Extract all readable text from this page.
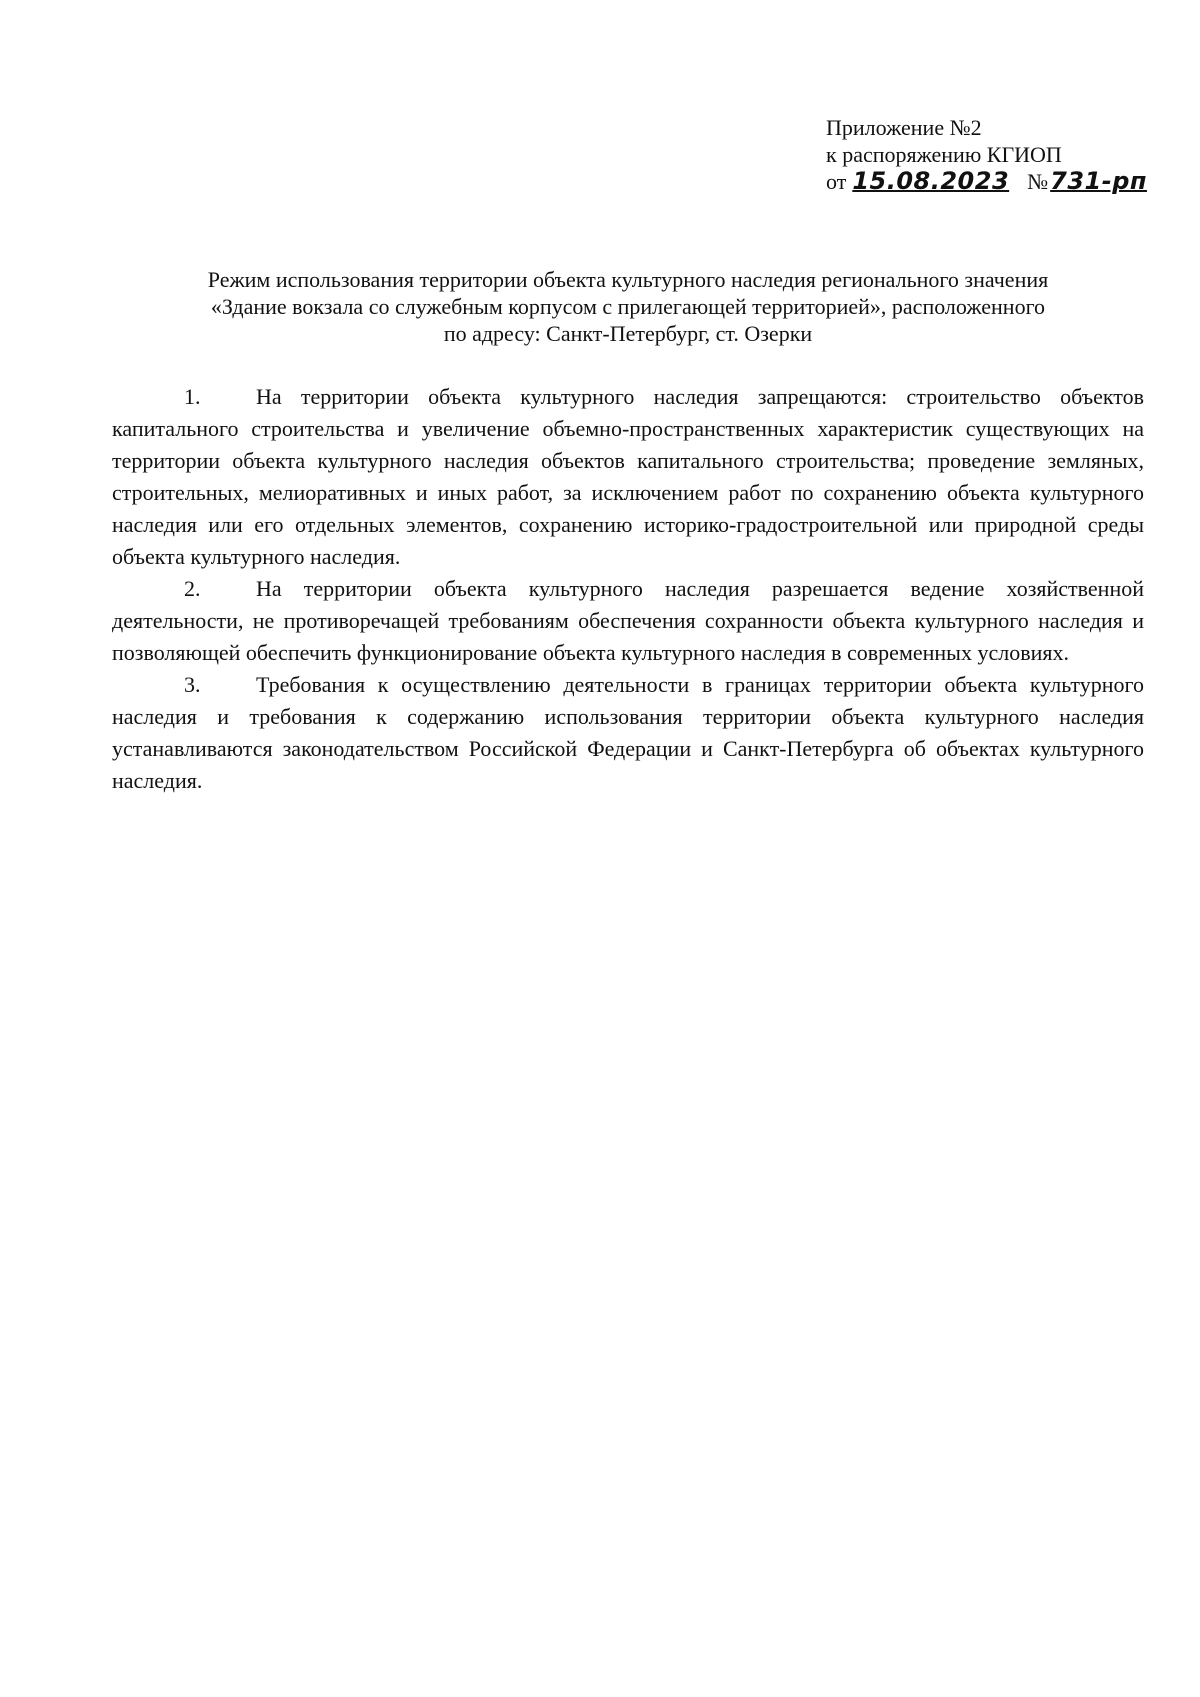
Приложение №2
к распоряжению КГИОП
от 15.08.2023 №731-рп
Режим использования территории объекта культурного наследия регионального значения
«Здание вокзала со служебным корпусом с прилегающей территорией», расположенного
по адресу: Санкт-Петербург, ст. Озерки

1.	На территории объекта культурного наследия запрещаются: строительство объектов капитального строительства и увеличение объемно-пространственных характеристик существующих на территории объекта культурного наследия объектов капитального строительства; проведение земляных, строительных, мелиоративных и иных работ, за исключением работ по сохранению объекта культурного наследия или его отдельных элементов, сохранению историко-градостроительной или природной среды объекта культурного наследия.

2.	На территории объекта культурного наследия разрешается ведение хозяйственной деятельности, не противоречащей требованиям обеспечения сохранности объекта культурного наследия и позволяющей обеспечить функционирование объекта культурного наследия в современных условиях.

3.	Требования к осуществлению деятельности в границах территории объекта культурного наследия и требования к содержанию использования территории объекта культурного наследия устанавливаются законодательством Российской Федерации и Санкт-Петербурга об объектах культурного наследия.
